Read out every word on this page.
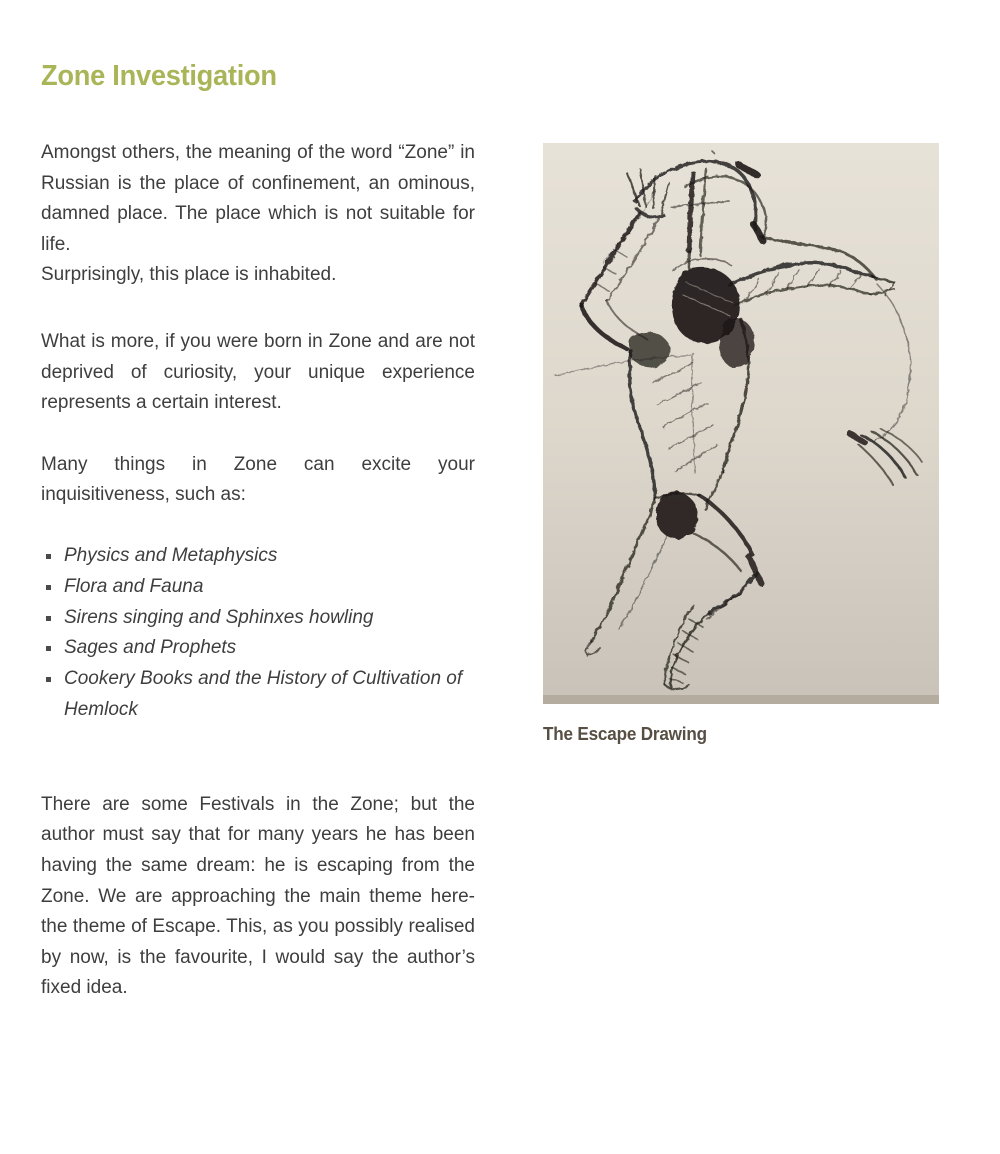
Zone Investigation

Amongst others, the meaning of the word “Zone” in Russian is the place of confinement, an ominous, damned place. The place which is not suitable for life.

Surprisingly, this place is inhabited.

What is more, if you were born in Zone and are not deprived of curiosity, your unique experience represents a certain interest.

Many things in Zone can excite your inquisitiveness, such as:

Physics and Metaphysics
Flora and Fauna
Sirens singing and Sphinxes howling
Sages and Prophets
Cookery Books and the History of Cultivation of Hemlock

There are some Festivals in the Zone; but the author must say that for many years he has been having the same dream: he is escaping from the Zone. We are approaching the main theme here-the theme of Escape. This, as you possibly realised by now, is the favourite, I would say the author’s fixed idea.

The Escape Drawing
